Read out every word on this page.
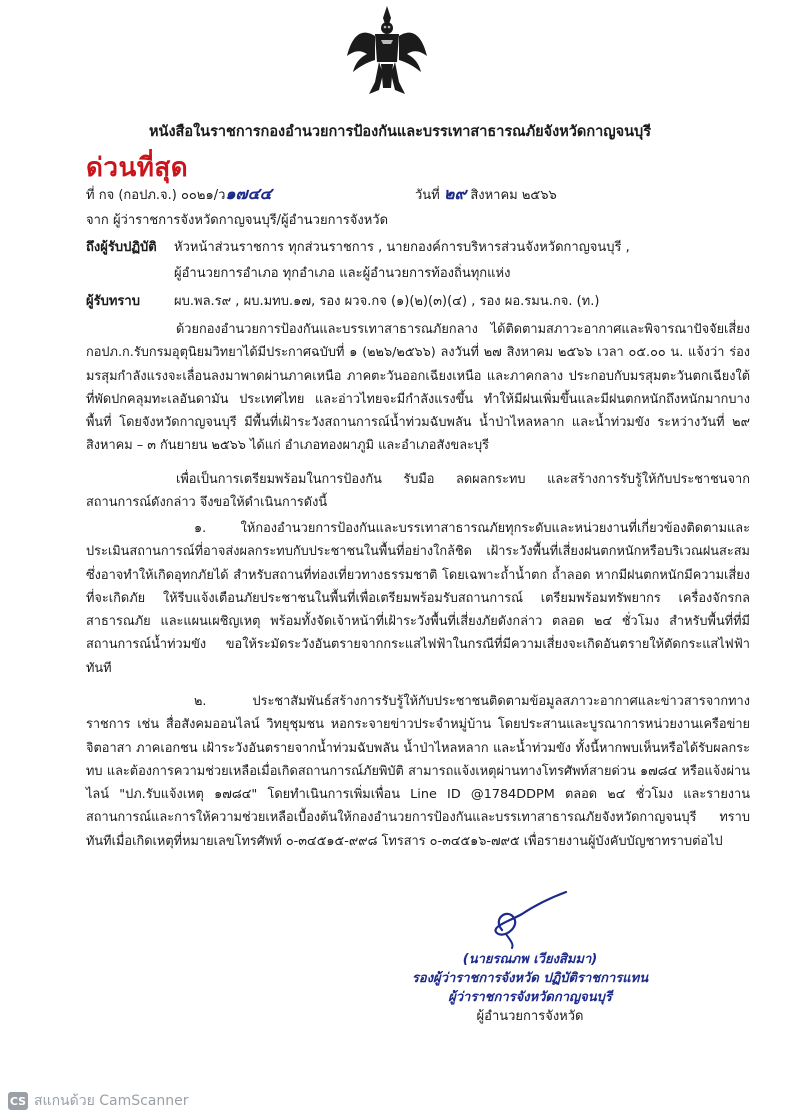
หนังสือในราชการกองอำนวยการป้องกันและบรรเทาสาธารณภัยจังหวัดกาญจนบุรี
ด่วนที่สุด
ที่ กจ (กอปภ.จ.) ๐๐๒๑/ว๑๗๔๔	วันที่ ๒๙ สิงหาคม ๒๕๖๖
จาก ผู้ว่าราชการจังหวัดกาญจนบุรี/ผู้อำนวยการจังหวัด
ถึงผู้รับปฏิบัติ หัวหน้าส่วนราชการ ทุกส่วนราชการ , นายกองค์การบริหารส่วนจังหวัดกาญจนบุรี ,
ผู้อำนวยการอำเภอ ทุกอำเภอ และผู้อำนวยการท้องถิ่นทุกแห่ง
ผู้รับทราบ	ผบ.พล.ร๙ , ผบ.มทบ.๑๗, รอง ผวจ.กจ (๑)(๒)(๓)(๔) , รอง ผอ.รมน.กจ. (ท.)
ด้วยกองอำนวยการป้องกันและบรรเทาสาธารณภัยกลาง ได้ติดตามสภาวะอากาศและพิจารณาปัจจัยเสี่ยง กอปภ.ก.รับกรมอุตุนิยมวิทยาได้มีประกาศฉบับที่ ๑ (๒๒๖/๒๕๖๖) ลงวันที่ ๒๗ สิงหาคม ๒๕๖๖ เวลา ๐๕.๐๐ น. แจ้งว่า ร่องมรสุมกำลังแรงจะเลื่อนลงมาพาดผ่านภาคเหนือ ภาคตะวันออกเฉียงเหนือ และภาคกลาง ประกอบกับมรสุมตะวันตกเฉียงใต้ที่พัดปกคลุมทะเลอันดามัน ประเทศไทย และอ่าวไทยจะมีกำลังแรงขึ้น ทำให้มีฝนเพิ่มขึ้นและมีฝนตกหนักถึงหนักมากบางพื้นที่ โดยจังหวัดกาญจนบุรี มีพื้นที่เฝ้าระวังสถานการณ์น้ำท่วมฉับพลัน น้ำป่าไหลหลาก และน้ำท่วมขัง ระหว่างวันที่ ๒๙ สิงหาคม – ๓ กันยายน ๒๕๖๖ ได้แก่ อำเภอทองผาภูมิ และอำเภอสังขละบุรี
เพื่อเป็นการเตรียมพร้อมในการป้องกัน รับมือ ลดผลกระทบ และสร้างการรับรู้ให้กับประชาชนจากสถานการณ์ดังกล่าว จึงขอให้ดำเนินการดังนี้
๑. ให้กองอำนวยการป้องกันและบรรเทาสาธารณภัยทุกระดับและหน่วยงานที่เกี่ยวข้องติดตามและประเมินสถานการณ์ที่อาจส่งผลกระทบกับประชาชนในพื้นที่อย่างใกล้ชิด เฝ้าระวังพื้นที่เสี่ยงฝนตกหนักหรือบริเวณฝนสะสม ซึ่งอาจทำให้เกิดอุทกภัยได้ สำหรับสถานที่ท่องเที่ยวทางธรรมชาติ โดยเฉพาะถ้ำน้ำตก ถ้ำลอด หากมีฝนตกหนักมีความเสี่ยง ที่จะเกิดภัย ให้รีบแจ้งเตือนภัยประชาชนในพื้นที่เพื่อเตรียมพร้อมรับสถานการณ์ เตรียมพร้อมทรัพยากร เครื่องจักรกลสาธารณภัย และแผนเผชิญเหตุ พร้อมทั้งจัดเจ้าหน้าที่เฝ้าระวังพื้นที่เสี่ยงภัยดังกล่าว ตลอด ๒๔ ชั่วโมง สำหรับพื้นที่ที่มีสถานการณ์น้ำท่วมขัง ขอให้ระมัดระวังอันตรายจากกระแสไฟฟ้าในกรณีที่มีความเสี่ยงจะเกิดอันตรายให้ตัดกระแสไฟฟ้าทันที
๒. ประชาสัมพันธ์สร้างการรับรู้ให้กับประชาชนติดตามข้อมูลสภาวะอากาศและข่าวสารจากทางราชการ เช่น สื่อสังคมออนไลน์ วิทยุชุมชน หอกระจายข่าวประจำหมู่บ้าน โดยประสานและบูรณาการหน่วยงานเครือข่าย จิตอาสา ภาคเอกชน เฝ้าระวังอันตรายจากน้ำท่วมฉับพลัน น้ำป่าไหลหลาก และน้ำท่วมขัง ทั้งนี้หากพบเห็นหรือได้รับผลกระทบ และต้องการความช่วยเหลือเมื่อเกิดสถานการณ์ภัยพิบัติ สามารถแจ้งเหตุผ่านทางโทรศัพท์สายด่วน ๑๗๘๔ หรือแจ้งผ่านไลน์ "ปภ.รับแจ้งเหตุ ๑๗๘๔" โดยทำเนินการเพิ่มเพื่อน Line ID @1784DDPM ตลอด ๒๔ ชั่วโมง และรายงานสถานการณ์และการให้ความช่วยเหลือเบื้องต้นให้กองอำนวยการป้องกันและบรรเทาสาธารณภัยจังหวัดกาญจนบุรี ทราบทันทีเมื่อเกิดเหตุที่หมายเลขโทรศัพท์ ๐-๓๔๕๑๕-๙๙๘ โทรสาร ๐-๓๔๕๑๖-๗๙๕ เพื่อรายงานผู้บังคับบัญชาทราบต่อไป
(นายรณภพ เวียงสิมมา)
รองผู้ว่าราชการจังหวัด ปฏิบัติราชการแทน
ผู้ว่าราชการจังหวัดกาญจนบุรี
ผู้อำนวยการจังหวัด
CS สแกนด้วย CamScanner
